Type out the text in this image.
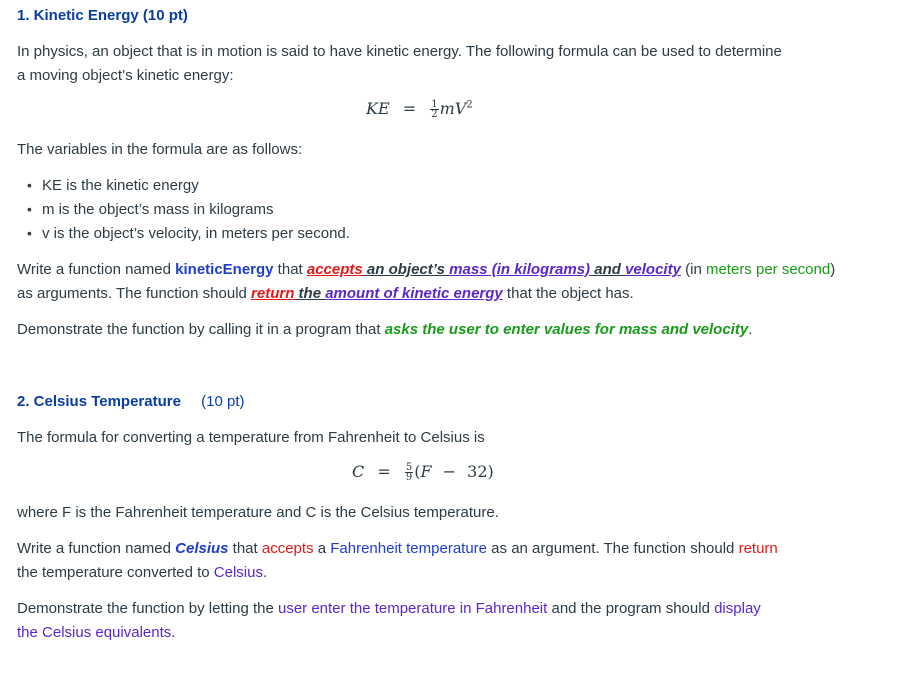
1. Kinetic Energy (10 pt)
In physics, an object that is in motion is said to have kinetic energy. The following formula can be used to determine
a moving object’s kinetic energy:
KE = $\frac{1}{2} mV^2$
The variables in the formula are as follows:
• KE is the kinetic energy
• m is the object’s mass in kilograms
• v is the object’s velocity, in meters per second.
Write a function named kineticEnergy that accepts an object’s mass (in kilograms) and velocity (in meters per second)
as arguments. The function should return the amount of kinetic energy that the object has.
Demonstrate the function by calling it in a program that asks the user to enter values for mass and velocity.
2. Celsius Temperature (10 pt)
The formula for converting a temperature from Fahrenheit to Celsius is
$C = \frac{5}{9} (F - 32)$
where F is the Fahrenheit temperature and C is the Celsius temperature.
Write a function named Celsius that accepts a Fahrenheit temperature as an argument. The function should return
the temperature converted to Celsius.
Demonstrate the function by letting the user enter the temperature in Fahrenheit and the program should display
the Celsius equivalents.
